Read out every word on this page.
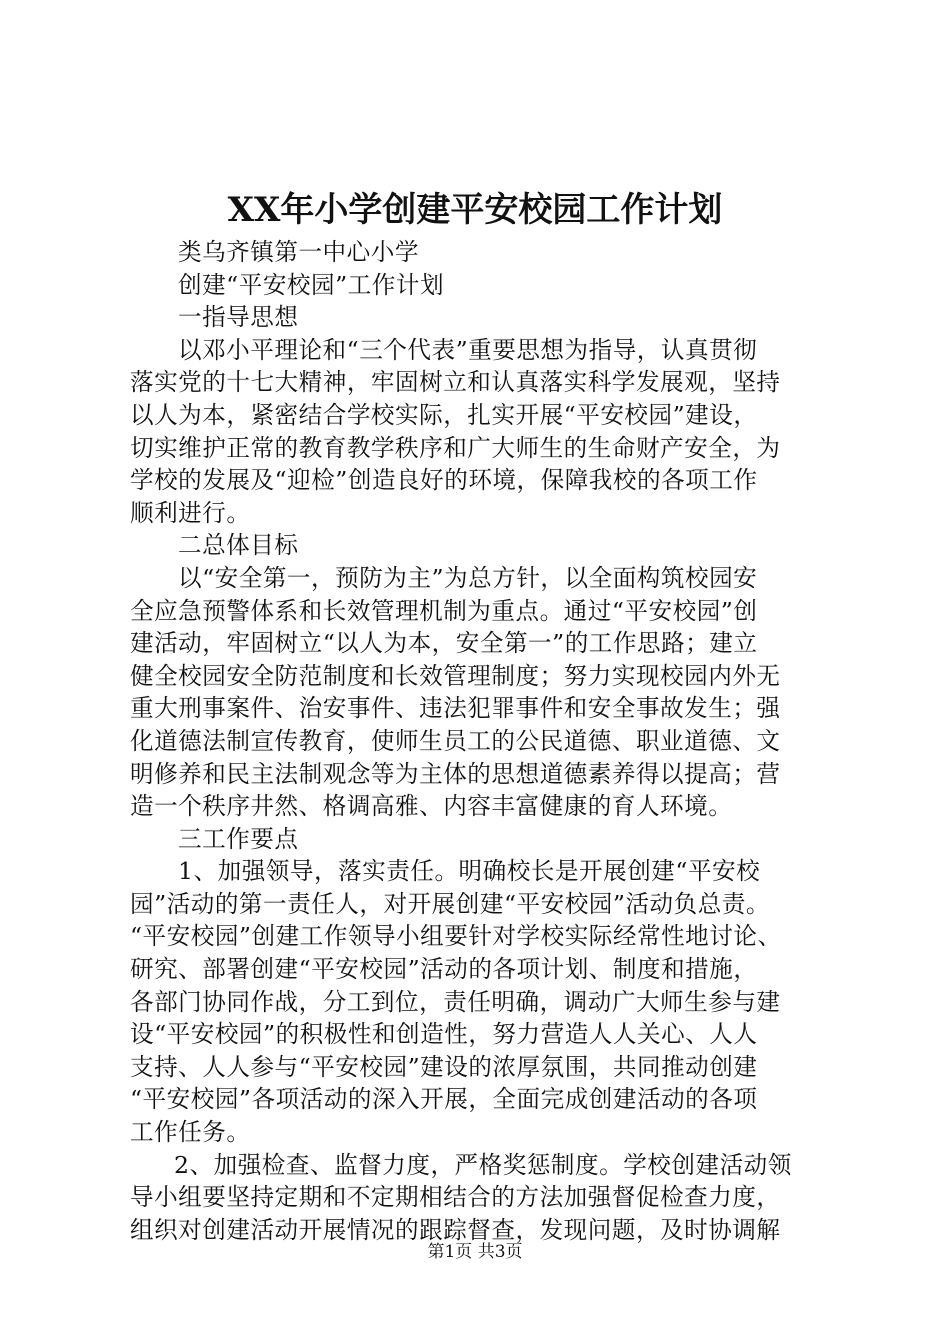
XX年小学创建平安校园工作计划
类乌齐镇第一中心小学
创建“平安校园”工作计划
一指导思想
以邓小平理论和“三个代表”重要思想为指导，认真贯彻
落实党的十七大精神，牢固树立和认真落实科学发展观，坚持
以人为本，紧密结合学校实际，扎实开展“平安校园”建设，
切实维护正常的教育教学秩序和广大师生的生命财产安全，为
学校的发展及“迎检”创造良好的环境，保障我校的各项工作
顺利进行。
二总体目标
以“安全第一，预防为主”为总方针，以全面构筑校园安
全应急预警体系和长效管理机制为重点。通过“平安校园”创
建活动，牢固树立“以人为本，安全第一”的工作思路；建立
健全校园安全防范制度和长效管理制度；努力实现校园内外无
重大刑事案件、治安事件、违法犯罪事件和安全事故发生；强
化道德法制宣传教育，使师生员工的公民道德、职业道德、文
明修养和民主法制观念等为主体的思想道德素养得以提高；营
造一个秩序井然、格调高雅、内容丰富健康的育人环境。
三工作要点
1、加强领导，落实责任。明确校长是开展创建“平安校
园”活动的第一责任人，对开展创建“平安校园”活动负总责。
“平安校园”创建工作领导小组要针对学校实际经常性地讨论、
研究、部署创建“平安校园”活动的各项计划、制度和措施，
各部门协同作战，分工到位，责任明确，调动广大师生参与建
设“平安校园”的积极性和创造性，努力营造人人关心、人人
支持、人人参与“平安校园”建设的浓厚氛围，共同推动创建
“平安校园”各项活动的深入开展，全面完成创建活动的各项
工作任务。
2、加强检查、监督力度，严格奖惩制度。学校创建活动领
导小组要坚持定期和不定期相结合的方法加强督促检查力度，
组织对创建活动开展情况的跟踪督查，发现问题，及时协调解
第1页 共3页
